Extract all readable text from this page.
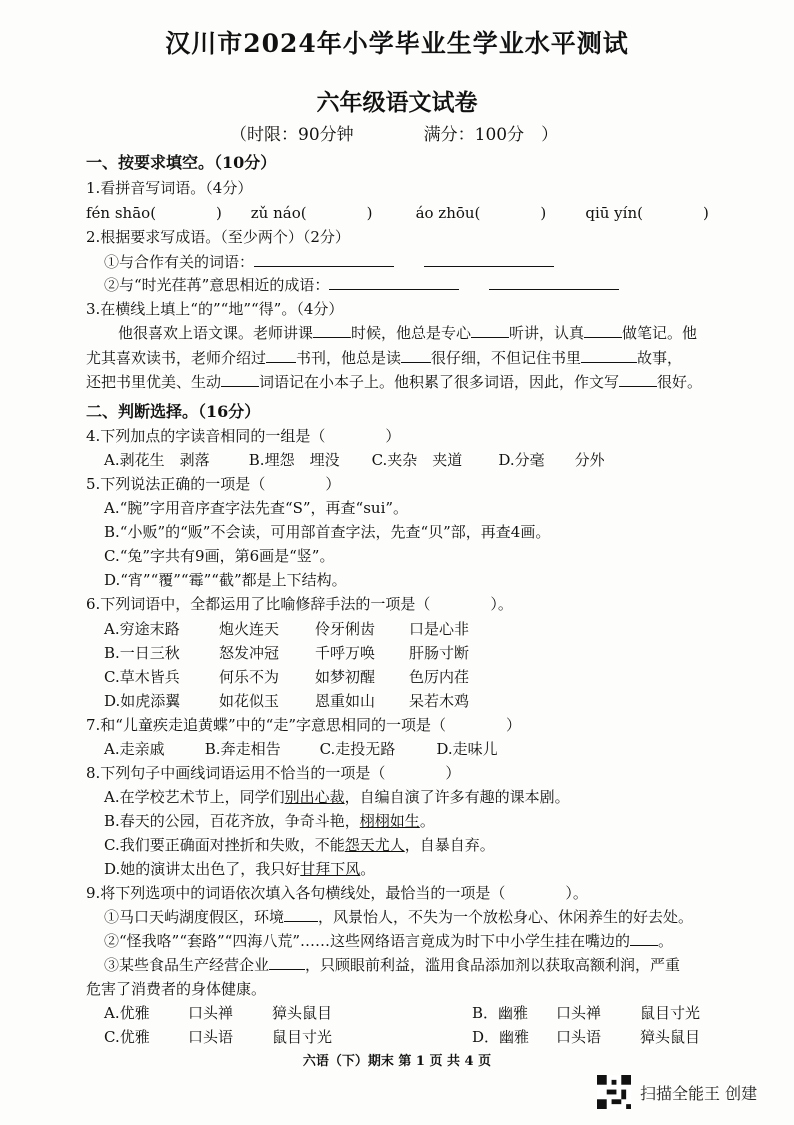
汉川市2024年小学毕业生学业水平测试
六年级语文试卷
（时限：90分钟	满分：100分　）
一、按要求填空。（10分）
1.看拼音写词语。（4分）
fén shāo(　　　　) zǔ náo(　　　　)	áo zhōu(　　　　)	qiū yín(　　　　)
2.根据要求写成语。（至少两个）（2分）
①与合作有关的词语：
②与“时光荏苒”意思相近的成语：
3.在横线上填上“的”“地”“得”。（4分）
他很喜欢上语文课。老师讲课	时候，他总是专心	听讲，认真	做笔记。他
尤其喜欢读书，老师介绍过 书刊，他总是读 很仔细，不但记住书里	故事，
还把书里优美、生动	词语记在小本子上。他积累了很多词语，因此，作文写	很好。
二、判断选择。（16分）
4.下列加点的字读音相同的一组是（　　　　）
A.剥花生　剥落	B.埋怨　埋没 C.夹杂　夹道 D.分毫　　分外
5.下列说法正确的一项是（　　　　）
A.“腕”字用音序查字法先查“S”，再查“sui”。
B.“小贩”的“贩”不会读，可用部首查字法，先查“贝”部，再查4画。
C.“兔”字共有9画，第6画是“竖”。
D.“宵”“覆”“霉”“截”都是上下结构。
6.下列词语中，全都运用了比喻修辞手法的一项是（　　　　）。
A.穷途末路	炮火连天 伶牙俐齿 口是心非
B.一日三秋	怒发冲冠 千呼万唤 肝肠寸断
C.草木皆兵	何乐不为 如梦初醒 色厉内荏
D.如虎添翼	如花似玉 恩重如山 呆若木鸡
7.和“儿童疾走追黄蝶”中的“走”字意思相同的一项是（　　　　）
A.走亲戚	B.奔走相告	C.走投无路	D.走味儿
8.下列句子中画线词语运用不恰当的一项是（　　　　）
A.在学校艺术节上，同学们别出心裁，自编自演了许多有趣的课本剧。
B.春天的公园，百花齐放，争奇斗艳，栩栩如生。
C.我们要正确面对挫折和失败，不能怨天尤人，自暴自弃。
D.她的演讲太出色了，我只好甘拜下风。
9.将下列选项中的词语依次填入各句横线处，最恰当的一项是（　　　　）。
①马口天屿湖度假区，环境 ，风景怡人，不失为一个放松身心、休闲养生的好去处。
②“怪我咯”“套路”“四海八荒”……这些网络语言竟成为时下中小学生挂在嘴边的 。
③某些食品生产经营企业 ，只顾眼前利益，滥用食品添加剂以获取高额利润，严重
危害了消费者的身体健康。
六语（下）期末 第 1 页 共 4 页
扫描全能王 创建
A.优雅	口头禅	獐头鼠目	B．幽雅 口头禅	鼠目寸光
C.优雅	口头语	鼠目寸光	D．幽雅 口头语	獐头鼠目
